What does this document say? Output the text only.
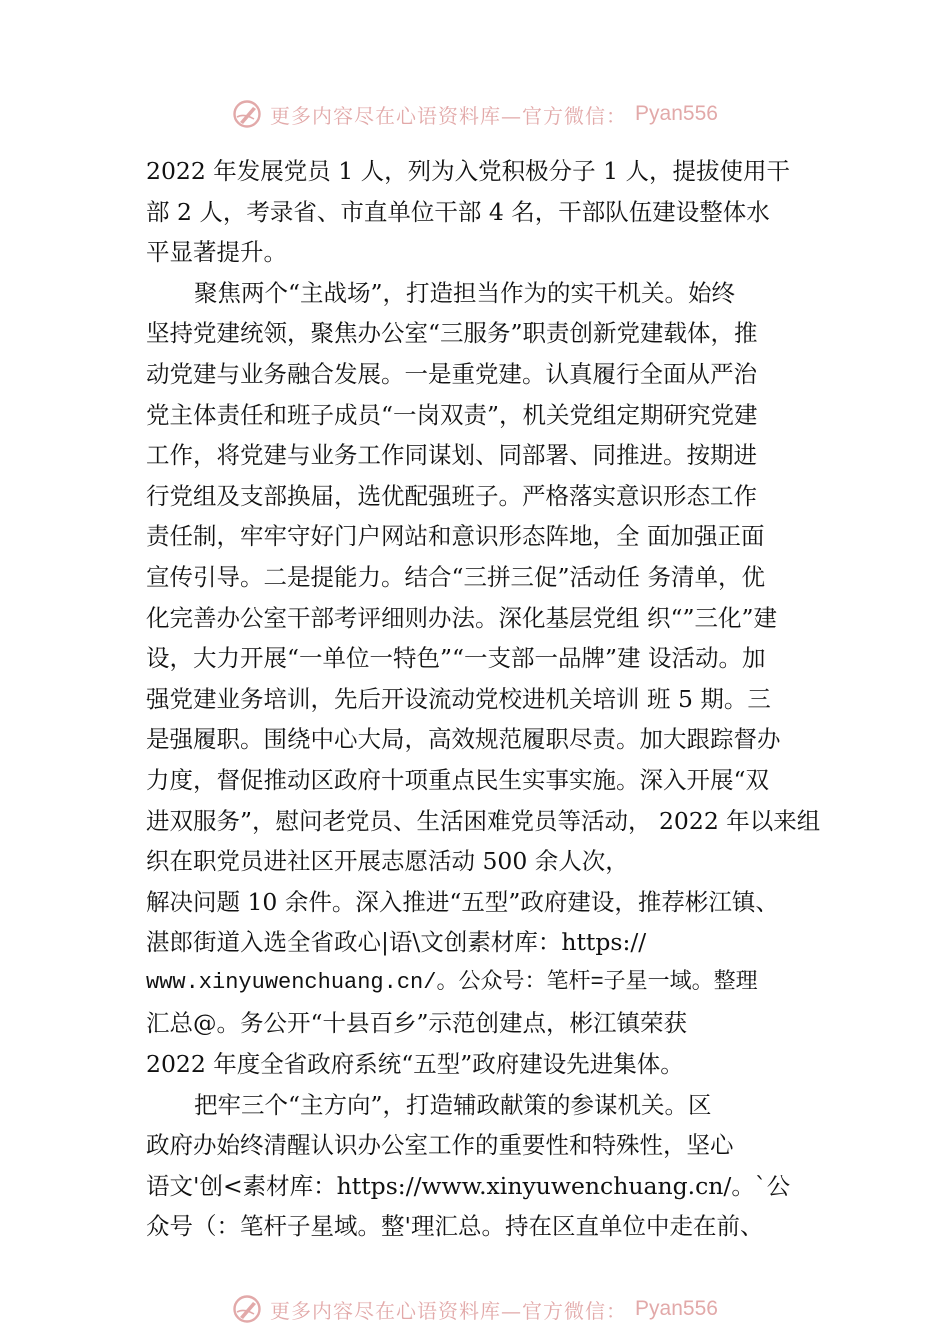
更多内容尽在心语资料库—官方微信： Pyan556
2022 年发展党员 1 人，列为入党积极分子 1 人，提拔使用干
部 2 人，考录省、市直单位干部 4 名，干部队伍建设整体水
平显著提升。
聚焦两个“主战场”，打造担当作为的实干机关。始终
坚持党建统领，聚焦办公室“三服务”职责创新党建载体，推
动党建与业务融合发展。一是重党建。认真履行全面从严治
党主体责任和班子成员“一岗双责”，机关党组定期研究党建
工作，将党建与业务工作同谋划、同部署、同推进。按期进
行党组及支部换届，选优配强班子。严格落实意识形态工作
责任制，牢牢守好门户网站和意识形态阵地，全 面加强正面
宣传引导。二是提能力。结合“三拼三促”活动任 务清单，优
化完善办公室干部考评细则办法。深化基层党组 织“”三化”建
设，大力开展“一单位一特色”“一支部一品牌”建 设活动。加
强党建业务培训，先后开设流动党校进机关培训 班 5 期。三
是强履职。围绕中心大局，高效规范履职尽责。加大跟踪督办
力度，督促推动区政府十项重点民生实事实施。深入开展“双
进双服务”，慰问老党员、生活困难党员等活动， 2022 年以来组
织在职党员进社区开展志愿活动 500 余人次，
解决问题 10 余件。深入推进“五型”政府建设，推荐彬江镇、
湛郎街道入选全省政心|语\文创素材库：https://
www.xinyuwenchuang.cn/。公众号：笔杆=子星一域。整理
汇总@。务公开“十县百乡”示范创建点，彬江镇荣获
2022 年度全省政府系统“五型”政府建设先进集体。
把牢三个“主方向”，打造辅政献策的参谋机关。区
政府办始终清醒认识办公室工作的重要性和特殊性，坚心
语文'创<素材库：https://www.xinyuwenchuang.cn/。`公
众号（：笔杆子星域。整'理汇总。持在区直单位中走在前、
更多内容尽在心语资料库—官方微信： Pyan556
